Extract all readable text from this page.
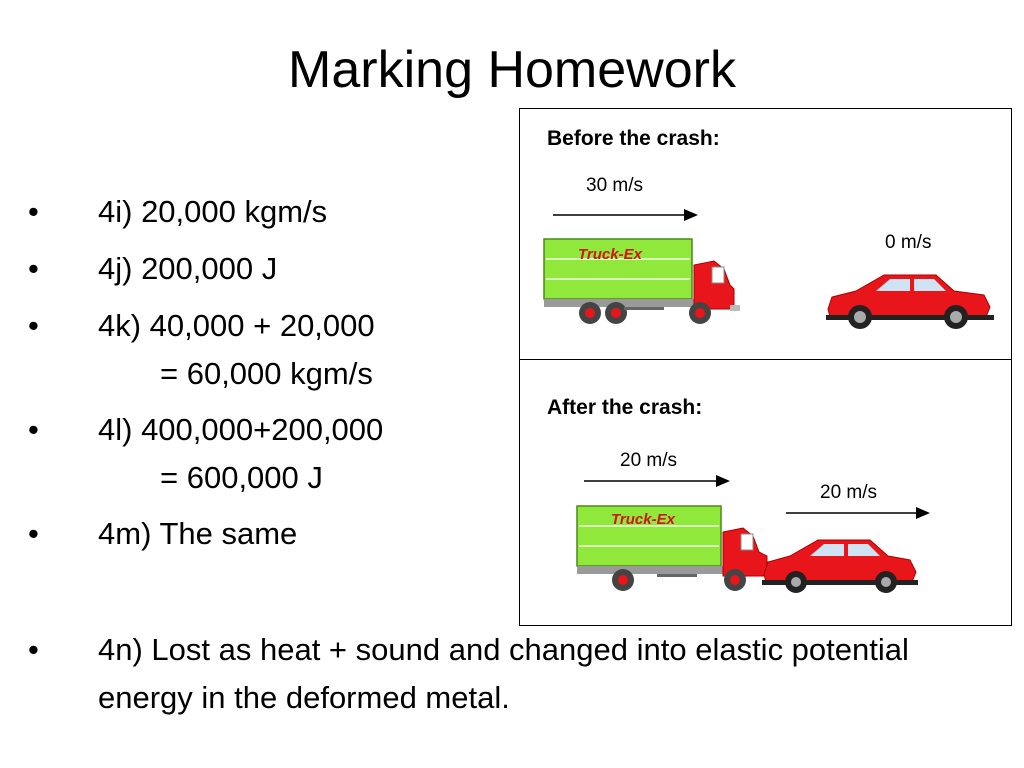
Marking Homework
• 4i) 20,000 kgm/s
• 4j) 200,000 J
• 4k) 40,000 + 20,000
= 60,000 kgm/s
• 4l) 400,000+200,000
= 600,000 J
• 4m) The same
• 4n) Lost as heat + sound and changed into elastic potential energy in the deformed metal.
Before the crash:
30 m/s
0 m/s
Truck-Ex
After the crash:
20 m/s
20 m/s
Truck-Ex
